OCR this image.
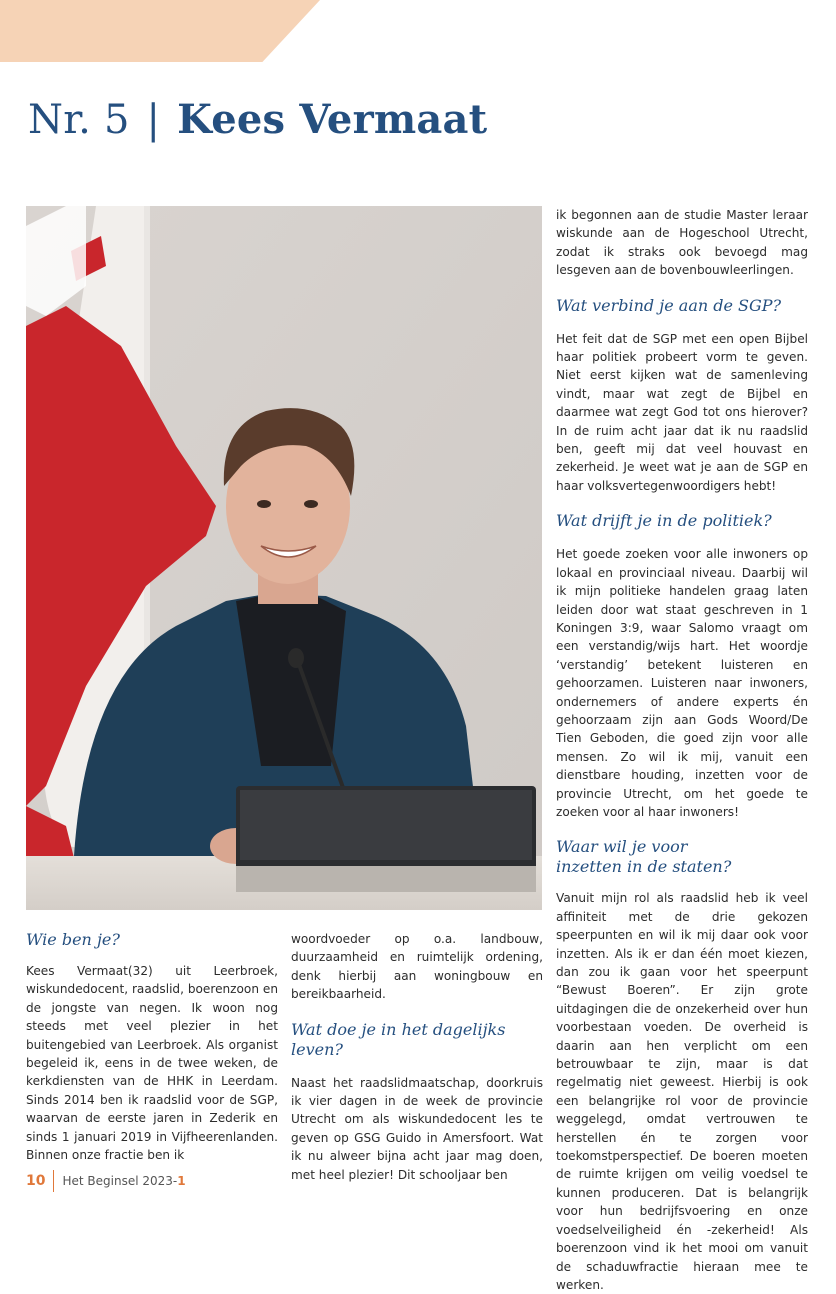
Nr. 5 | Kees Vermaat
Wie ben je?

Kees Vermaat(32) uit Leerbroek, wiskundedocent, raadslid, boerenzoon en de jongste van negen. Ik woon nog steeds met veel plezier in het buitengebied van Leerbroek. Als organist begeleid ik, eens in de twee weken, de kerkdiensten van de HHK in Leerdam. Sinds 2014 ben ik raadslid voor de SGP, waarvan de eerste jaren in Zederik en sinds 1 januari 2019 in Vijfheerenlanden. Binnen onze fractie ben ik

woordvoeder op o.a. landbouw, duurzaamheid en ruimtelijk ordening, denk hierbij aan woningbouw en bereikbaarheid.

Wat doe je in het dagelijks leven?

Naast het raadslidmaatschap, doorkruis ik vier dagen in de week de provincie Utrecht om als wiskundedocent les te geven op GSG Guido in Amersfoort. Wat ik nu alweer bijna acht jaar mag doen, met heel plezier! Dit schooljaar ben

ik begonnen aan de studie Master leraar wiskunde aan de Hogeschool Utrecht, zodat ik straks ook bevoegd mag lesgeven aan de bovenbouwleerlingen.

Wat verbind je aan de SGP?

Het feit dat de SGP met een open Bijbel haar politiek probeert vorm te geven. Niet eerst kijken wat de samenleving vindt, maar wat zegt de Bijbel en daarmee wat zegt God tot ons hierover? In de ruim acht jaar dat ik nu raadslid ben, geeft mij dat veel houvast en zekerheid. Je weet wat je aan de SGP en haar volksvertegenwoordigers hebt!

Wat drijft je in de politiek?

Het goede zoeken voor alle inwoners op lokaal en provinciaal niveau. Daarbij wil ik mijn politieke handelen graag laten leiden door wat staat geschreven in 1 Koningen 3:9, waar Salomo vraagt om een verstandig/wijs hart. Het woordje ‘verstandig’ betekent luisteren en gehoorzamen. Luisteren naar inwoners, ondernemers of andere experts én gehoorzaam zijn aan Gods Woord/De Tien Geboden, die goed zijn voor alle mensen. Zo wil ik mij, vanuit een dienstbare houding, inzetten voor de provincie Utrecht, om het goede te zoeken voor al haar inwoners!

Waar wil je voor inzetten in de staten?

Vanuit mijn rol als raadslid heb ik veel affiniteit met de drie gekozen speerpunten en wil ik mij daar ook voor inzetten. Als ik er dan één moet kiezen, dan zou ik gaan voor het speerpunt “Bewust Boeren”. Er zijn grote uitdagingen die de onzekerheid over hun voorbestaan voeden. De overheid is daarin aan hen verplicht om een betrouwbaar te zijn, maar is dat regelmatig niet geweest. Hierbij is ook een belangrijke rol voor de provincie weggelegd, omdat vertrouwen te herstellen én te zorgen voor toekomstperspectief. De boeren moeten de ruimte krijgen om veilig voedsel te kunnen produceren. Dat is belangrijk voor hun bedrijfsvoering en onze voedselveiligheid én -zekerheid! Als boerenzoon vind ik het mooi om vanuit de schaduwfractie hieraan mee te werken.

10 Het Beginsel 2023- 1
